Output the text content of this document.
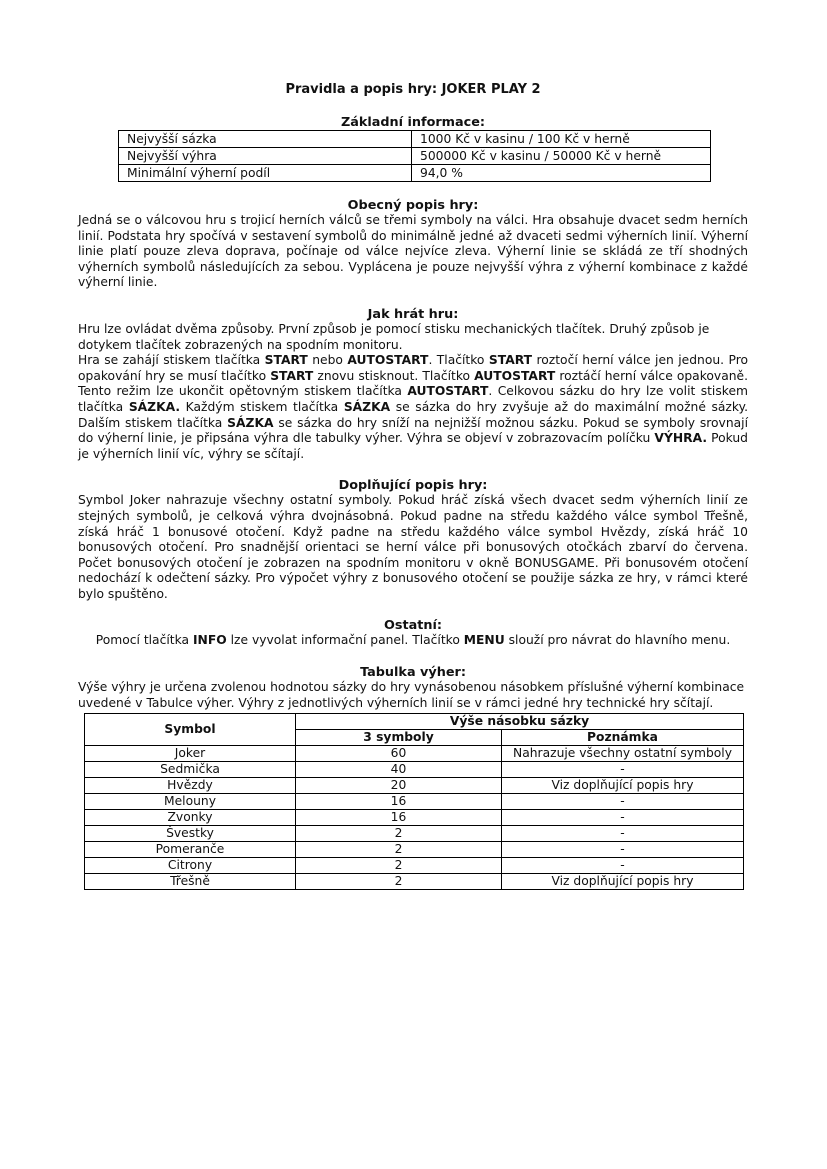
Pravidla a popis hry: JOKER PLAY 2
Základní informace:
Nejvyšší sázka	1000 Kč v kasinu / 100 Kč v herně
Nejvyšší výhra	500000 Kč v kasinu / 50000 Kč v herně
Minimální výherní podíl	94,0 %
Obecný popis hry:

Jedná se o válcovou hru s trojicí herních válců se třemi symboly na válci. Hra obsahuje dvacet sedm herních linií. Podstata hry spočívá v sestavení symbolů do minimálně jedné až dvaceti sedmi výherních linií. Výherní linie platí pouze zleva doprava, počínaje od válce nejvíce zleva. Výherní linie se skládá ze tří shodných výherních symbolů následujících za sebou. Vyplácena je pouze nejvyšší výhra z výherní kombinace z každé výherní linie.

Jak hrát hru:

Hru lze ovládat dvěma způsoby. První způsob je pomocí stisku mechanických tlačítek. Druhý způsob je dotykem tlačítek zobrazených na spodním monitoru.

Hra se zahájí stiskem tlačítka START nebo AUTOSTART. Tlačítko START roztočí herní válce jen jednou. Pro opakování hry se musí tlačítko START znovu stisknout. Tlačítko AUTOSTART roztáčí herní válce opakovaně. Tento režim lze ukončit opětovným stiskem tlačítka AUTOSTART. Celkovou sázku do hry lze volit stiskem tlačítka SÁZKA. Každým stiskem tlačítka SÁZKA se sázka do hry zvyšuje až do maximální možné sázky. Dalším stiskem tlačítka SÁZKA se sázka do hry sníží na nejnižší možnou sázku. Pokud se symboly srovnají do výherní linie, je připsána výhra dle tabulky výher. Výhra se objeví v zobrazovacím políčku VÝHRA. Pokud je výherních linií víc, výhry se sčítají.

Doplňující popis hry:

Symbol Joker nahrazuje všechny ostatní symboly. Pokud hráč získá všech dvacet sedm výherních linií ze stejných symbolů, je celková výhra dvojnásobná. Pokud padne na středu každého válce symbol Třešně, získá hráč 1 bonusové otočení. Když padne na středu každého válce symbol Hvězdy, získá hráč 10 bonusových otočení. Pro snadnější orientaci se herní válce při bonusových otočkách zbarví do červena. Počet bonusových otočení je zobrazen na spodním monitoru v okně BONUSGAME. Při bonusovém otočení nedochází k odečtení sázky. Pro výpočet výhry z bonusového otočení se použije sázka ze hry, v rámci které bylo spuštěno.

Ostatní:

Pomocí tlačítka INFO lze vyvolat informační panel. Tlačítko MENU slouží pro návrat do hlavního menu.

Tabulka výher:

Výše výhry je určena zvolenou hodnotou sázky do hry vynásobenou násobkem příslušné výherní kombinace uvedené v Tabulce výher. Výhry z jednotlivých výherních linií se v rámci jedné hry technické hry sčítají.

Symbol	Výše násobku sázky	
	3 symboly	Poznámka
Joker	60	Nahrazuje všechny ostatní symboly
Sedmička	40	-
Hvězdy	20	Viz doplňující popis hry
Melouny	16	-
Zvonky	16	-
Švestky	2	-
Pomeranče	2	-
Citrony	2	-
Třešně	2	Viz doplňující popis hry
